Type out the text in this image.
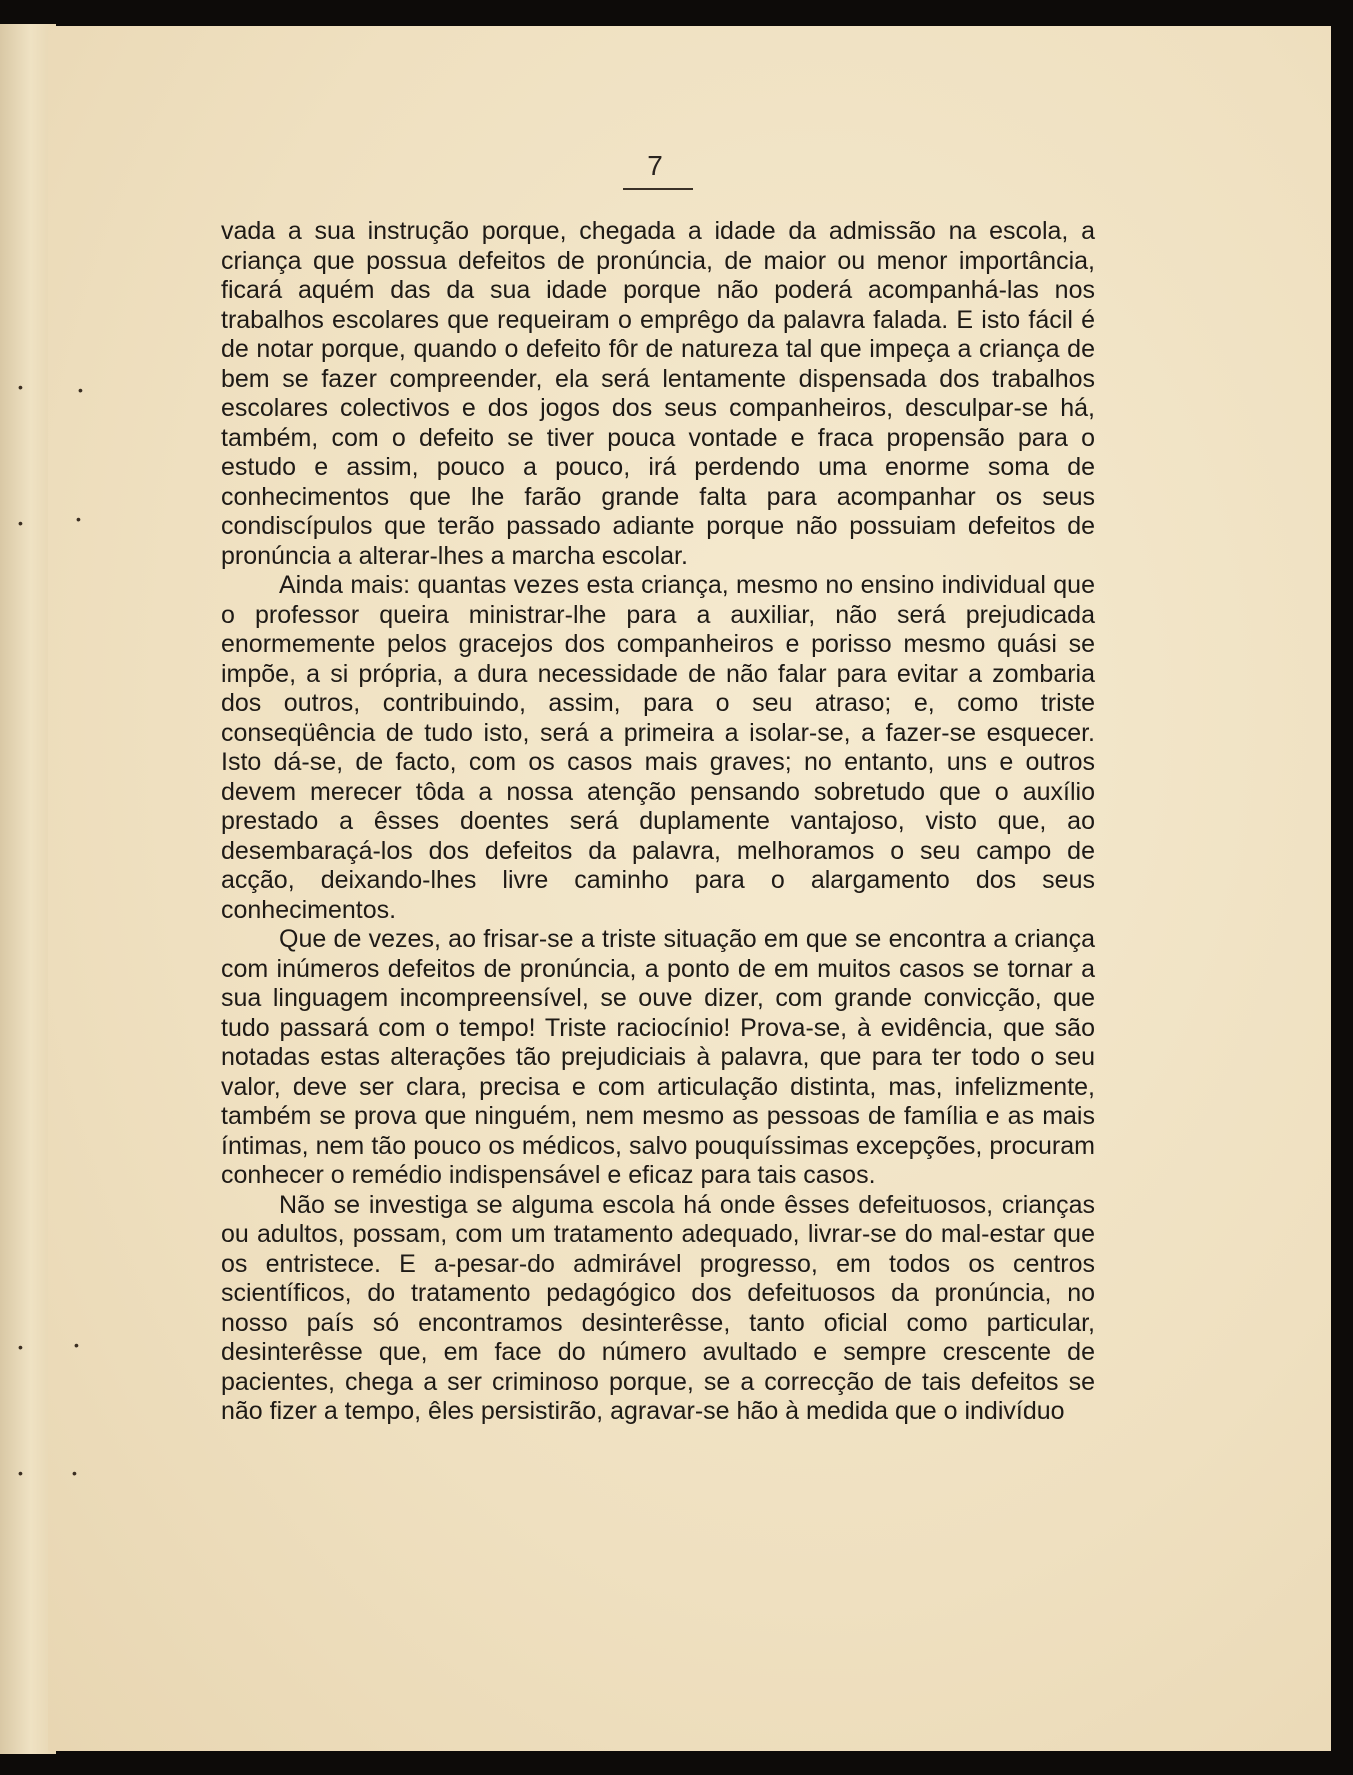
•	•
•	•
•	•
•	•
7

vada a sua instrução porque, chegada a idade da admissão na escola, a criança que possua defeitos de pronúncia, de maior ou menor importância, ficará aquém das da sua idade porque não poderá acompanhá-las nos trabalhos escolares que requeiram o emprêgo da palavra falada. E isto fácil é de notar porque, quando o defeito fôr de natureza tal que impeça a criança de bem se fazer compreender, ela será lentamente dispensada dos trabalhos escolares colectivos e dos jogos dos seus companheiros, desculpar-se há, também, com o defeito se tiver pouca vontade e fraca propensão para o estudo e assim, pouco a pouco, irá perdendo uma enorme soma de conhecimentos que lhe farão grande falta para acompanhar os seus condiscípulos que terão passado adiante porque não possuiam defeitos de pronúncia a alterar-lhes a marcha escolar.

Ainda mais: quantas vezes esta criança, mesmo no ensino individual que o professor queira ministrar-lhe para a auxiliar, não será prejudicada enormemente pelos gracejos dos companheiros e porisso mesmo quási se impõe, a si própria, a dura necessidade de não falar para evitar a zombaria dos outros, contribuindo, assim, para o seu atraso; e, como triste conseqüência de tudo isto, será a primeira a isolar-se, a fazer-se esquecer. Isto dá-se, de facto, com os casos mais graves; no entanto, uns e outros devem merecer tôda a nossa atenção pensando sobretudo que o auxílio prestado a êsses doentes será duplamente vantajoso, visto que, ao desembaraçá-los dos defeitos da palavra, melhoramos o seu campo de acção, deixando-lhes livre caminho para o alargamento dos seus conhecimentos.

Que de vezes, ao frisar-se a triste situação em que se encontra a criança com inúmeros defeitos de pronúncia, a ponto de em muitos casos se tornar a sua linguagem incompreensível, se ouve dizer, com grande convicção, que tudo passará com o tempo! Triste raciocínio! Prova-se, à evidência, que são notadas estas alterações tão prejudiciais à palavra, que para ter todo o seu valor, deve ser clara, precisa e com articulação distinta, mas, infelizmente, também se prova que ninguém, nem mesmo as pessoas de família e as mais íntimas, nem tão pouco os médicos, salvo pouquíssimas excepções, procuram conhecer o remédio indispensável e eficaz para tais casos.

Não se investiga se alguma escola há onde êsses defeituosos, crianças ou adultos, possam, com um tratamento adequado, livrar-se do mal-estar que os entristece. E a-pesar-do admirável progresso, em todos os centros scientíficos, do tratamento pedagógico dos defeituosos da pronúncia, no nosso país só encontramos desinterêsse, tanto oficial como particular, desinterêsse que, em face do número avultado e sempre crescente de pacientes, chega a ser criminoso porque, se a correcção de tais defeitos se não fizer a tempo, êles persistirão, agravar-se hão à medida que o indivíduo
